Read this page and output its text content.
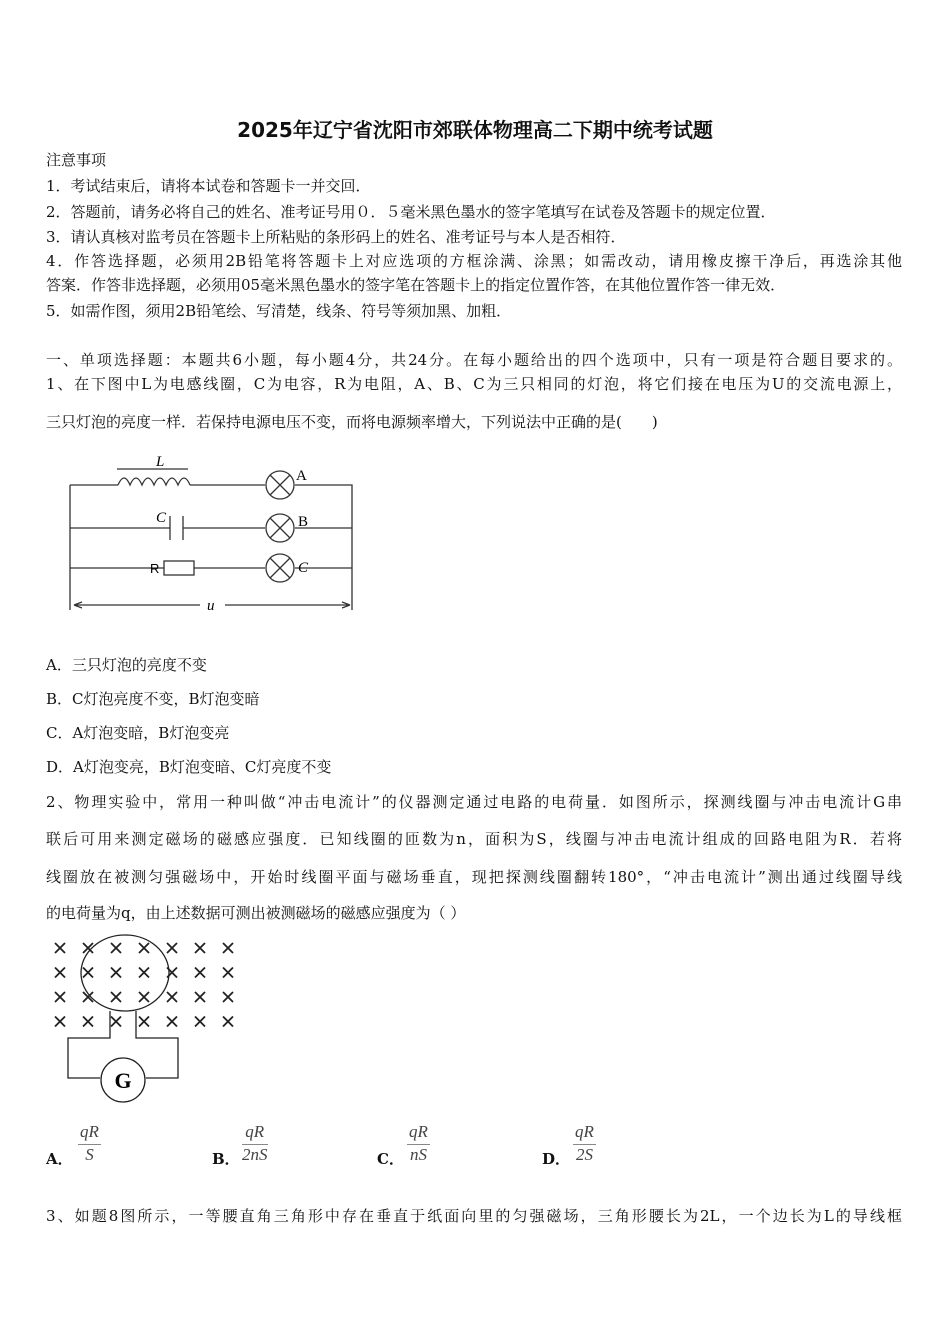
2025年辽宁省沈阳市郊联体物理高二下期中统考试题
注意事项
1．考试结束后，请将本试卷和答题卡一并交回．
2．答题前，请务必将自己的姓名、准考证号用０．５毫米黑色墨水的签字笔填写在试卷及答题卡的规定位置．
3．请认真核对监考员在答题卡上所粘贴的条形码上的姓名、准考证号与本人是否相符．
4．作答选择题，必须用2B铅笔将答题卡上对应选项的方框涂满、涂黑；如需改动，请用橡皮擦干净后，再选涂其他
答案．作答非选择题，必须用05毫米黑色墨水的签字笔在答题卡上的指定位置作答，在其他位置作答一律无效．
5．如需作图，须用2B铅笔绘、写清楚，线条、符号等须加黑、加粗．
一、单项选择题：本题共6小题，每小题4分，共24分。在每小题给出的四个选项中，只有一项是符合题目要求的。
1、在下图中L为电感线圈，C为电容，R为电阻，A、B、C为三只相同的灯泡，将它们接在电压为U的交流电源上，
三只灯泡的亮度一样．若保持电源电压不变，而将电源频率增大，下列说法中正确的是(　　)
L
A
C	B
R	C
u
A．三只灯泡的亮度不变
B．C灯泡亮度不变，B灯泡变暗
C．A灯泡变暗，B灯泡变亮
D．A灯泡变亮，B灯泡变暗、C灯亮度不变
2、物理实验中，常用一种叫做“冲击电流计”的仪器测定通过电路的电荷量．如图所示，探测线圈与冲击电流计G串
联后可用来测定磁场的磁感应强度．已知线圈的匝数为n，面积为S，线圈与冲击电流计组成的回路电阻为R．若将
线圈放在被测匀强磁场中，开始时线圈平面与磁场垂直，现把探测线圈翻转180°，“冲击电流计”测出通过线圈导线
的电荷量为q，由上述数据可测出被测磁场的磁感应强度为（ ）
G
A． $\frac{qR}{S}$	B． $\frac{qR}{2nS}$	C． $\frac{qR}{nS}$	D． $\frac{qR}{2S}$
3、如题8图所示，一等腰直角三角形中存在垂直于纸面向里的匀强磁场，三角形腰长为2L，一个边长为L的导线框
